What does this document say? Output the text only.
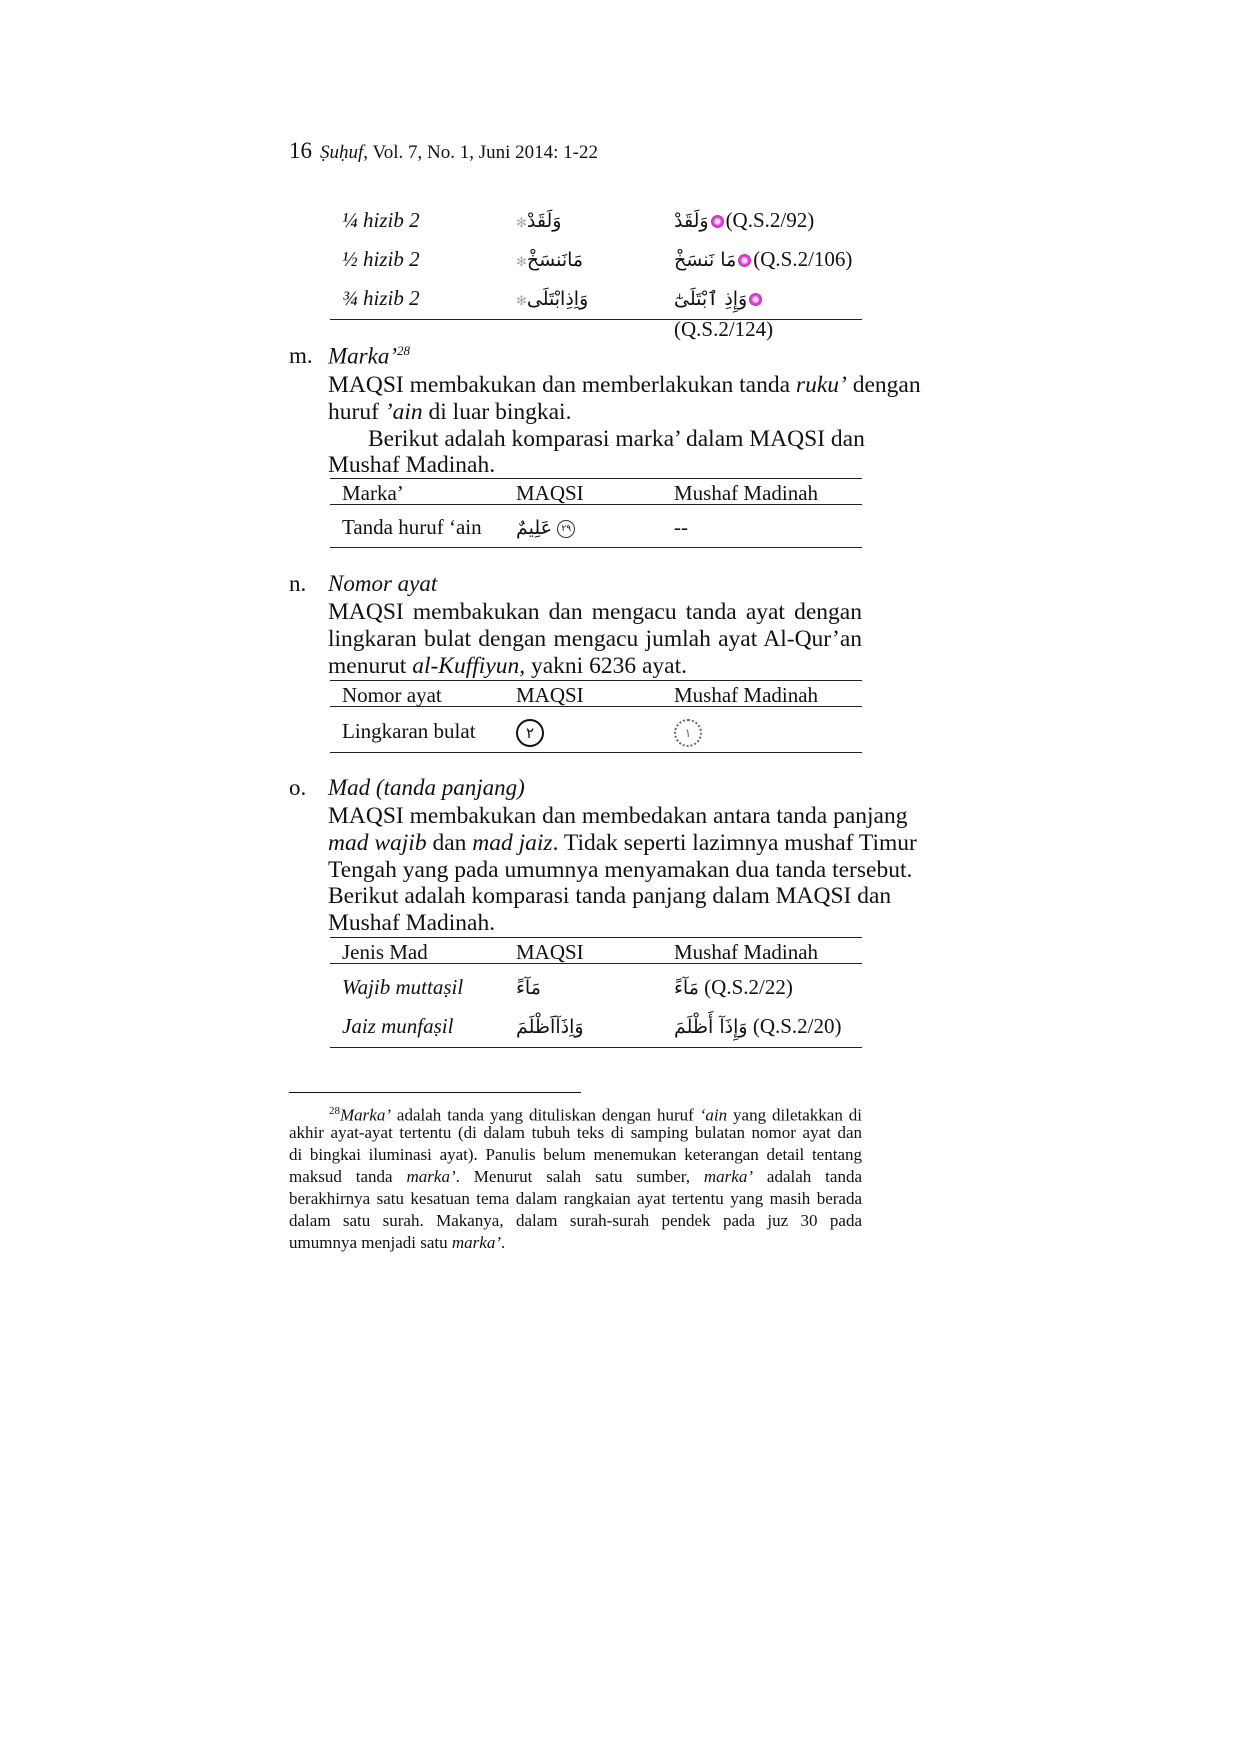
16 Ṣuḥuf, Vol. 7, No. 1, Juni 2014: 1-22
¼ hizib 2	✻وَلَقَدْ	وَلَقَدْ (Q.S.2/92)
½ hizib 2	✻مَانَنسَخْ	مَا نَنسَخْ (Q.S.2/106)
¾ hizib 2	✻وَاِذِابْتَلَى	وَإِذِ ٱبْتَلَىٰٓ(Q.S.2/124)
m. Marka’$^{28}$
MAQSI membakukan dan memberlakukan tanda ruku’ dengan
huruf ’ain di luar bingkai.
Berikut adalah komparasi marka’ dalam MAQSI dan
Mushaf Madinah.
Marka’	MAQSI	Mushaf Madinah
Tanda huruf ‘ain عَلِيمٌ ٢٩	--
n. Nomor ayat
MAQSI membakukan dan mengacu tanda ayat dengan
lingkaran bulat dengan mengacu jumlah ayat Al-Qur’an
menurut al-Kuffiyun, yakni 6236 ayat.
Nomor ayat	MAQSI	Mushaf Madinah
Lingkaran bulat	٢	١
o. Mad (tanda panjang)
MAQSI membakukan dan membedakan antara tanda panjang
mad wajib dan mad jaiz. Tidak seperti lazimnya mushaf Timur
Tengah yang pada umumnya menyamakan dua tanda tersebut.
Berikut adalah komparasi tanda panjang dalam MAQSI dan
Mushaf Madinah.
Jenis Mad	MAQSI	Mushaf Madinah
Wajib muttaṣil	مَآءً	مَآءً (Q.S.2/22)
Jaiz munfaṣil	وَاِذَآاَظْلَمَ	وَإِذَآ أَظْلَمَ (Q.S.2/20)
$^{28}$Marka’ adalah tanda yang dituliskan dengan huruf ‘ain yang diletakkan di
akhir ayat-ayat tertentu (di dalam tubuh teks di samping bulatan nomor ayat dan
di bingkai iluminasi ayat). Panulis belum menemukan keterangan detail tentang
maksud tanda marka’. Menurut salah satu sumber, marka’ adalah tanda
berakhirnya satu kesatuan tema dalam rangkaian ayat tertentu yang masih berada
dalam satu surah. Makanya, dalam surah-surah pendek pada juz 30 pada
umumnya menjadi satu marka’.
